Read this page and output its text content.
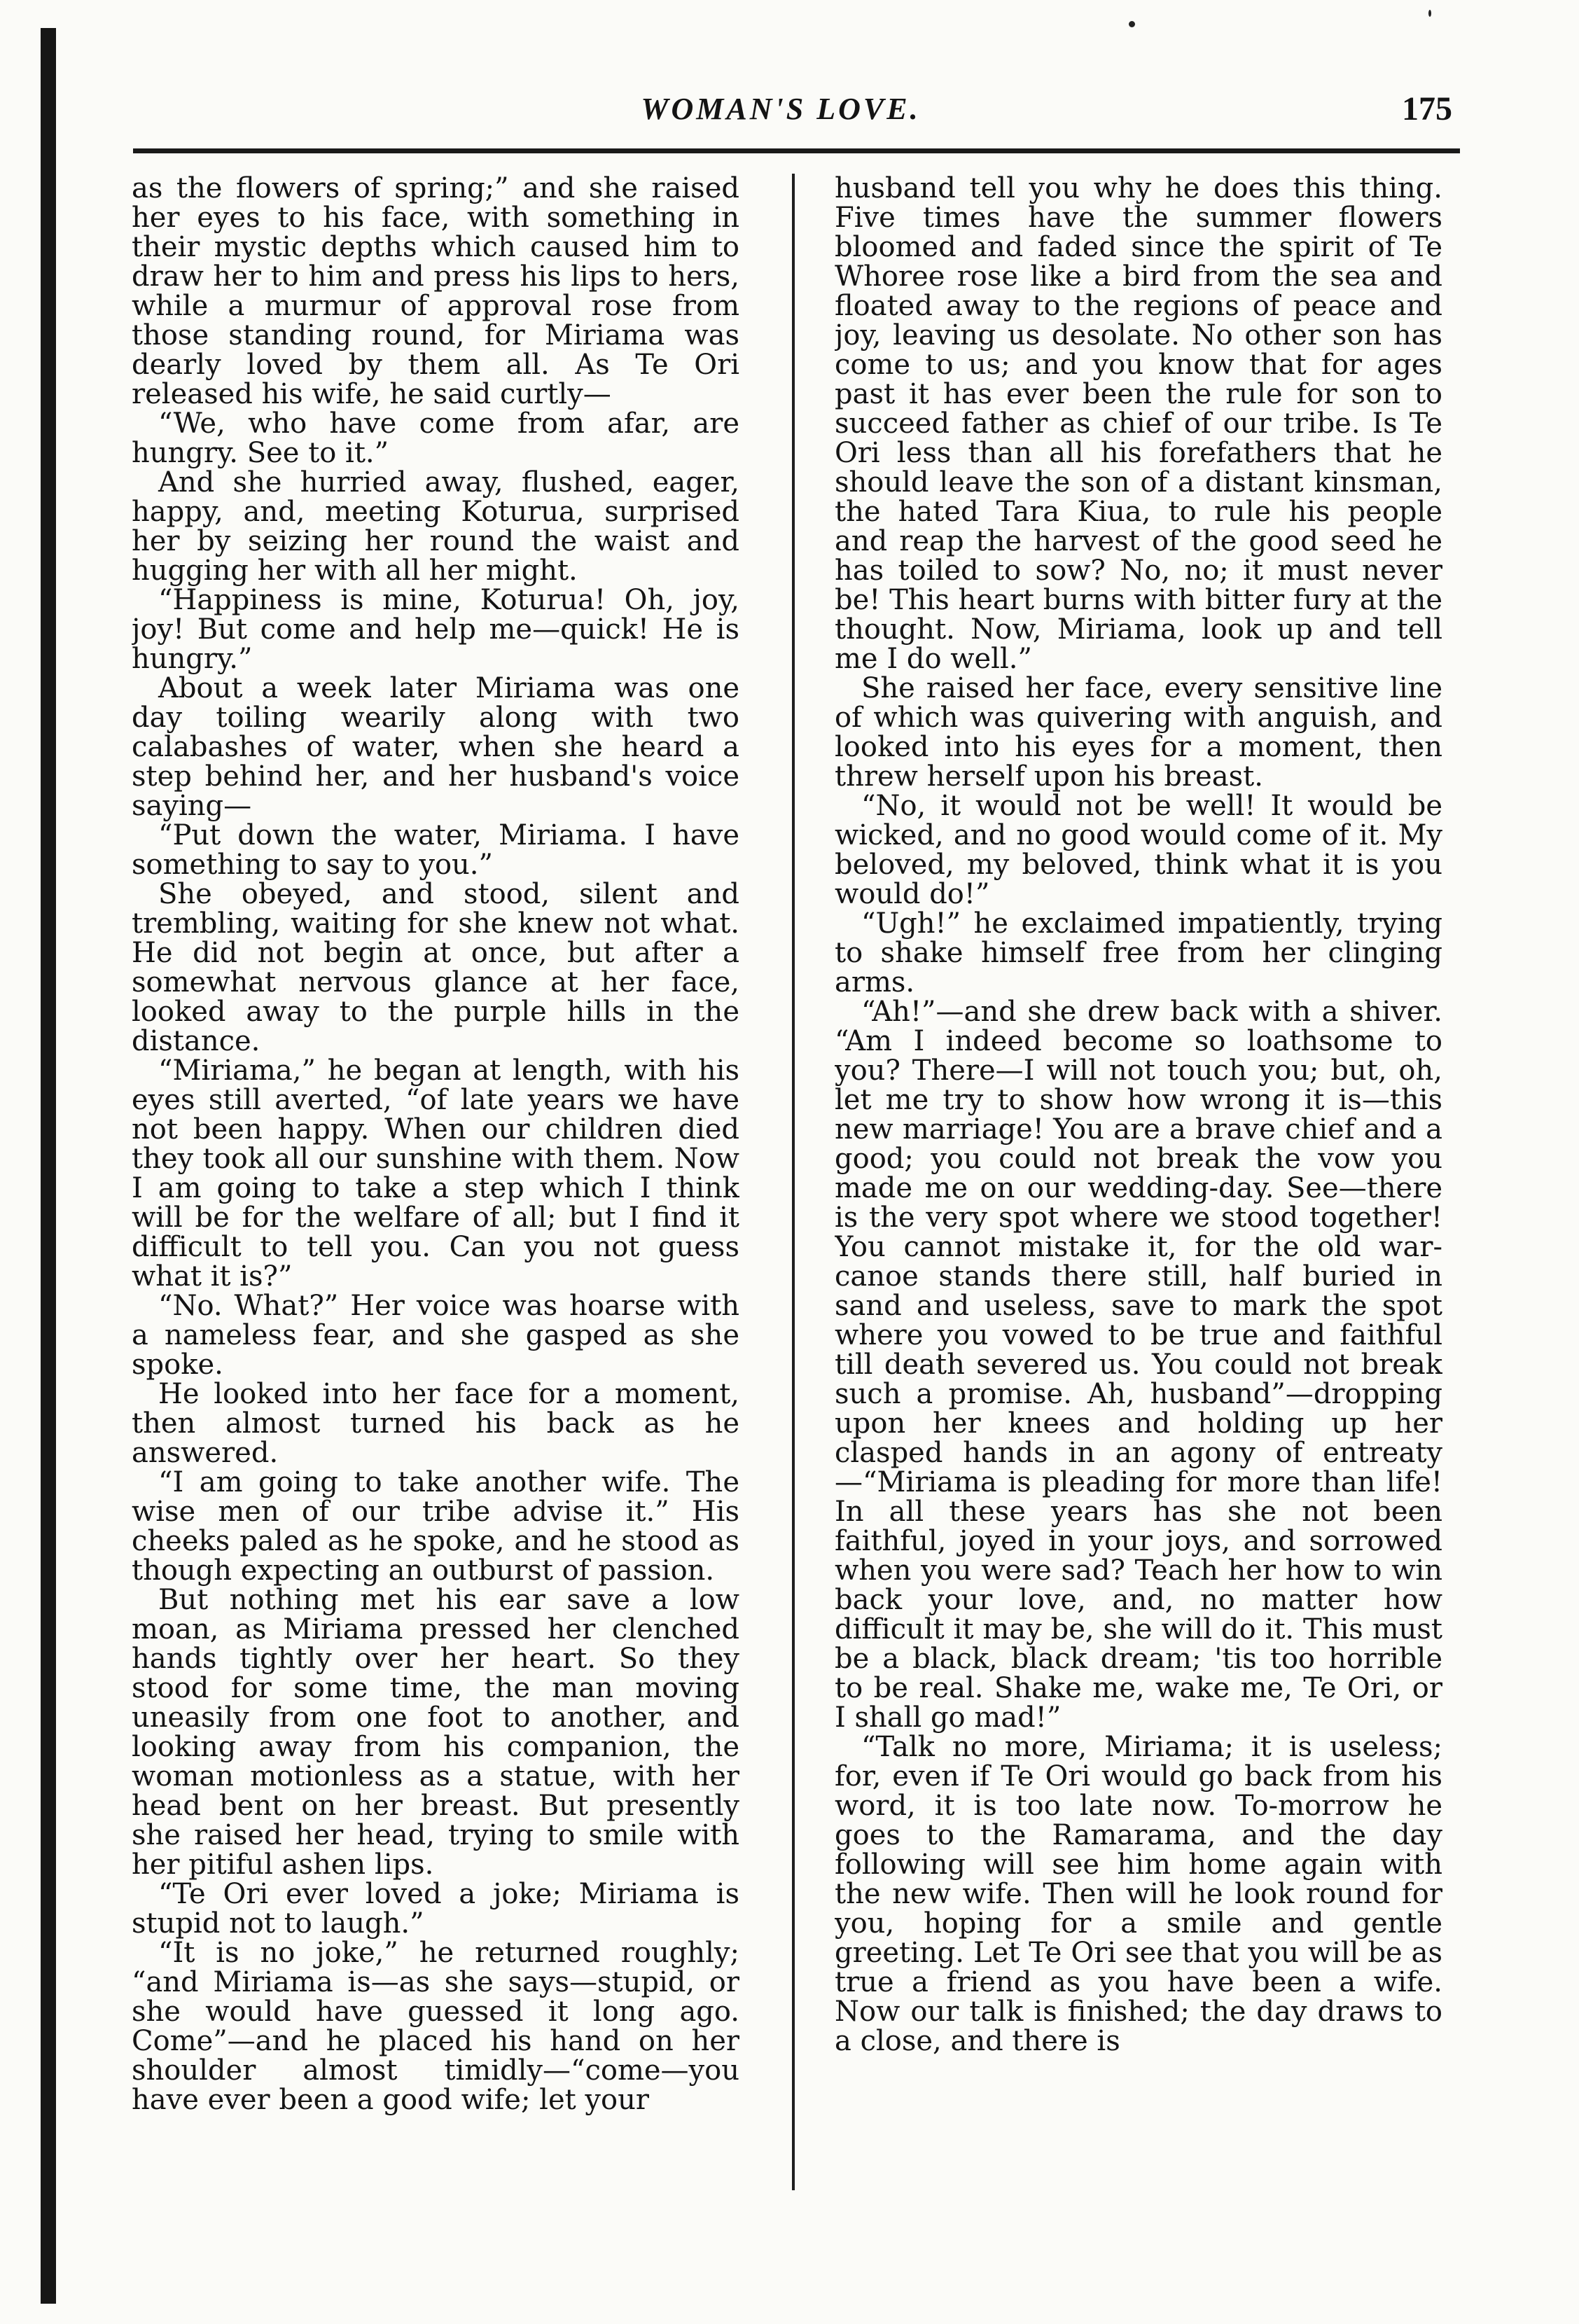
WOMAN'S LOVE.	175

as the flowers of spring;” and she raised her eyes to his face, with something in their mystic depths which caused him to draw her to him and press his lips to hers, while a murmur of approval rose from those standing round, for Miriama was dearly loved by them all. As Te Ori released his wife, he said curtly—

“We, who have come from afar, are hungry. See to it.”

And she hurried away, flushed, eager, happy, and, meeting Koturua, surprised her by seizing her round the waist and hugging her with all her might.

“Happiness is mine, Koturua! Oh, joy, joy! But come and help me—quick! He is hungry.”

About a week later Miriama was one day toiling wearily along with two calabashes of water, when she heard a step behind her, and her husband's voice saying—

“Put down the water, Miriama. I have something to say to you.”

She obeyed, and stood, silent and trembling, waiting for she knew not what. He did not begin at once, but after a somewhat nervous glance at her face, looked away to the purple hills in the distance.

“Miriama,” he began at length, with his eyes still averted, “of late years we have not been happy. When our children died they took all our sunshine with them. Now I am going to take a step which I think will be for the welfare of all; but I find it difficult to tell you. Can you not guess what it is?”

“No. What?” Her voice was hoarse with a nameless fear, and she gasped as she spoke.

He looked into her face for a moment, then almost turned his back as he answered.

“I am going to take another wife. The wise men of our tribe advise it.” His cheeks paled as he spoke, and he stood as though expecting an outburst of passion.

But nothing met his ear save a low moan, as Miriama pressed her clenched hands tightly over her heart. So they stood for some time, the man moving uneasily from one foot to another, and looking away from his companion, the woman motionless as a statue, with her head bent on her breast. But presently she raised her head, trying to smile with her pitiful ashen lips.

“Te Ori ever loved a joke; Miriama is stupid not to laugh.”

“It is no joke,” he returned roughly; “and Miriama is—as she says—stupid, or she would have guessed it long ago. Come”—and he placed his hand on her shoulder almost timidly—“come—you have ever been a good wife; let your

husband tell you why he does this thing. Five times have the summer flowers bloomed and faded since the spirit of Te Whoree rose like a bird from the sea and floated away to the regions of peace and joy, leaving us desolate. No other son has come to us; and you know that for ages past it has ever been the rule for son to succeed father as chief of our tribe. Is Te Ori less than all his forefathers that he should leave the son of a distant kinsman, the hated Tara Kiua, to rule his people and reap the harvest of the good seed he has toiled to sow? No, no; it must never be! This heart burns with bitter fury at the thought. Now, Miriama, look up and tell me I do well.”

She raised her face, every sensitive line of which was quivering with anguish, and looked into his eyes for a moment, then threw herself upon his breast.

“No, it would not be well! It would be wicked, and no good would come of it. My beloved, my beloved, think what it is you would do!”

“Ugh!” he exclaimed impatiently, trying to shake himself free from her clinging arms.

“Ah!”—and she drew back with a shiver. “Am I indeed become so loathsome to you? There—I will not touch you; but, oh, let me try to show how wrong it is—this new marriage! You are a brave chief and a good; you could not break the vow you made me on our wedding-day. See—there is the very spot where we stood together! You cannot mistake it, for the old war-canoe stands there still, half buried in sand and useless, save to mark the spot where you vowed to be true and faithful till death severed us. You could not break such a promise. Ah, husband”—dropping upon her knees and holding up her clasped hands in an agony of entreaty—“Miriama is pleading for more than life! In all these years has she not been faithful, joyed in your joys, and sorrowed when you were sad? Teach her how to win back your love, and, no matter how difficult it may be, she will do it. This must be a black, black dream; 'tis too horrible to be real. Shake me, wake me, Te Ori, or I shall go mad!”

“Talk no more, Miriama; it is useless; for, even if Te Ori would go back from his word, it is too late now. To-morrow he goes to the Ramarama, and the day following will see him home again with the new wife. Then will he look round for you, hoping for a smile and gentle greeting. Let Te Ori see that you will be as true a friend as you have been a wife. Now our talk is finished; the day draws to a close, and there is
